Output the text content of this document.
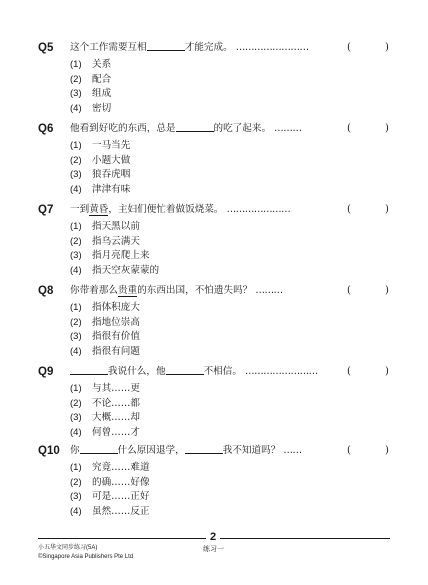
Q5 这个工作需要互相	才能完成。 ……………………	(	)
(1) 关系
(2) 配合
(3) 组成
(4) 密切
Q6 他看到好吃的东西，总是	的吃了起来。 ………	(	)
(1) 一马当先
(2) 小题大做
(3) 狼吞虎咽
(4) 津津有味
Q7 一到黄昏，主妇们便忙着做饭烧菜。 …………………	(	)
(1) 指天黑以前
(2) 指乌云满天
(3) 指月亮爬上来
(4) 指天空灰蒙蒙的
Q8 你带着那么贵重的东西出国，不怕遗失吗？ ………	(	)
(1) 指体积庞大
(2) 指地位崇高
(3) 指很有价值
(4) 指很有问题
Q9	我说什么，他	不相信。 ……………………	(	)
(1) 与其……更
(2) 不论……都
(3) 大概……却
(4) 何曾……才
Q10 你	什么原因退学，	我不知道吗？ ……	(	)
(1) 究竟……难道
(2) 的确……好像
(3) 可是……正好
(4) 虽然……反正
2
小五华文同步练习(5A)
©Singapore Asia Publishers Pte Ltd
练习一
